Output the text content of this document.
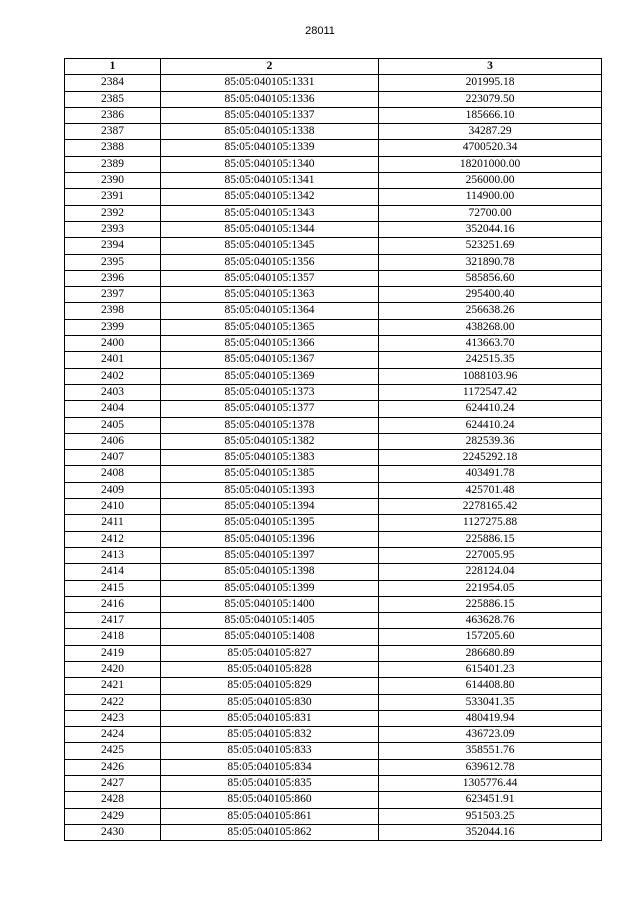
28011
1	2	3
2384	85:05:040105:1331	201995.18
2385	85:05:040105:1336	223079.50
2386	85:05:040105:1337	185666.10
2387	85:05:040105:1338	34287.29
2388	85:05:040105:1339	4700520.34
2389	85:05:040105:1340	18201000.00
2390	85:05:040105:1341	256000.00
2391	85:05:040105:1342	114900.00
2392	85:05:040105:1343	72700.00
2393	85:05:040105:1344	352044.16
2394	85:05:040105:1345	523251.69
2395	85:05:040105:1356	321890.78
2396	85:05:040105:1357	585856.60
2397	85:05:040105:1363	295400.40
2398	85:05:040105:1364	256638.26
2399	85:05:040105:1365	438268.00
2400	85:05:040105:1366	413663.70
2401	85:05:040105:1367	242515.35
2402	85:05:040105:1369	1088103.96
2403	85:05:040105:1373	1172547.42
2404	85:05:040105:1377	624410.24
2405	85:05:040105:1378	624410.24
2406	85:05:040105:1382	282539.36
2407	85:05:040105:1383	2245292.18
2408	85:05:040105:1385	403491.78
2409	85:05:040105:1393	425701.48
2410	85:05:040105:1394	2278165.42
2411	85:05:040105:1395	1127275.88
2412	85:05:040105:1396	225886.15
2413	85:05:040105:1397	227005.95
2414	85:05:040105:1398	228124.04
2415	85:05:040105:1399	221954.05
2416	85:05:040105:1400	225886.15
2417	85:05:040105:1405	463628.76
2418	85:05:040105:1408	157205.60
2419	85:05:040105:827	286680.89
2420	85:05:040105:828	615401.23
2421	85:05:040105:829	614408.80
2422	85:05:040105:830	533041.35
2423	85:05:040105:831	480419.94
2424	85:05:040105:832	436723.09
2425	85:05:040105:833	358551.76
2426	85:05:040105:834	639612.78
2427	85:05:040105:835	1305776.44
2428	85:05:040105:860	623451.91
2429	85:05:040105:861	951503.25
2430	85:05:040105:862	352044.16
